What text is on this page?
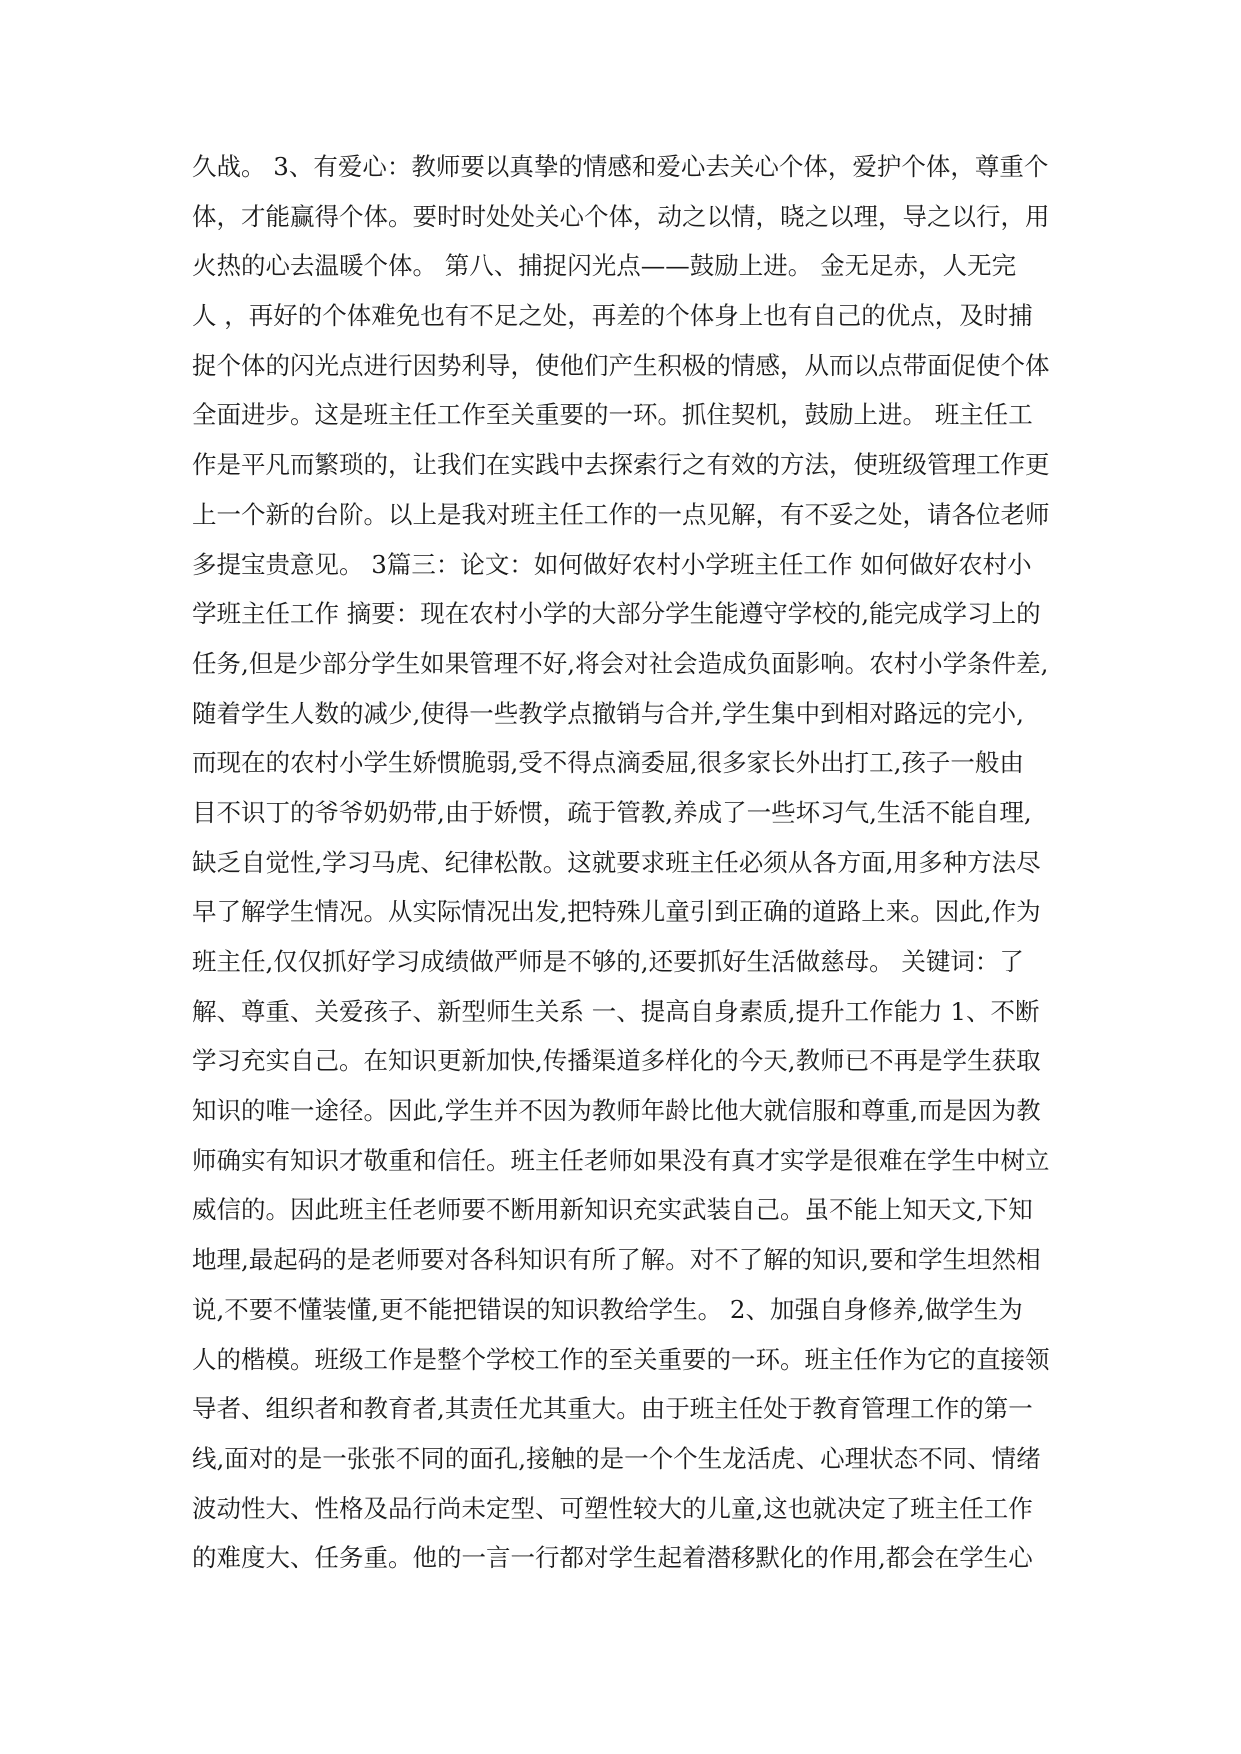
久战。 3、有爱心：教师要以真挚的情感和爱心去关心个体，爱护个体，尊重个
体，才能赢得个体。要时时处处关心个体，动之以情，晓之以理，导之以行，用
火热的心去温暖个体。 第八、捕捉闪光点——鼓励上进。 金无足赤，人无完
人 ，再好的个体难免也有不足之处，再差的个体身上也有自己的优点，及时捕
捉个体的闪光点进行因势利导，使他们产生积极的情感，从而以点带面促使个体
全面进步。这是班主任工作至关重要的一环。抓住契机，鼓励上进。 班主任工
作是平凡而繁琐的，让我们在实践中去探索行之有效的方法，使班级管理工作更
上一个新的台阶。以上是我对班主任工作的一点见解，有不妥之处，请各位老师
多提宝贵意见。 3篇三：论文：如何做好农村小学班主任工作 如何做好农村小
学班主任工作 摘要：现在农村小学的大部分学生能遵守学校的,能完成学习上的
任务,但是少部分学生如果管理不好,将会对社会造成负面影响。农村小学条件差,
随着学生人数的减少,使得一些教学点撤销与合并,学生集中到相对路远的完小,
而现在的农村小学生娇惯脆弱,受不得点滴委屈,很多家长外出打工,孩子一般由
目不识丁的爷爷奶奶带,由于娇惯，疏于管教,养成了一些坏习气,生活不能自理,
缺乏自觉性,学习马虎、纪律松散。这就要求班主任必须从各方面,用多种方法尽
早了解学生情况。从实际情况出发,把特殊儿童引到正确的道路上来。因此,作为
班主任,仅仅抓好学习成绩做严师是不够的,还要抓好生活做慈母。 关键词：了
解、尊重、关爱孩子、新型师生关系 一、提高自身素质,提升工作能力 1、不断
学习充实自己。在知识更新加快,传播渠道多样化的今天,教师已不再是学生获取
知识的唯一途径。因此,学生并不因为教师年龄比他大就信服和尊重,而是因为教
师确实有知识才敬重和信任。班主任老师如果没有真才实学是很难在学生中树立
威信的。因此班主任老师要不断用新知识充实武装自己。虽不能上知天文,下知
地理,最起码的是老师要对各科知识有所了解。对不了解的知识,要和学生坦然相
说,不要不懂装懂,更不能把错误的知识教给学生。 2、加强自身修养,做学生为
人的楷模。班级工作是整个学校工作的至关重要的一环。班主任作为它的直接领
导者、组织者和教育者,其责任尤其重大。由于班主任处于教育管理工作的第一
线,面对的是一张张不同的面孔,接触的是一个个生龙活虎、心理状态不同、情绪
波动性大、性格及品行尚未定型、可塑性较大的儿童,这也就决定了班主任工作
的难度大、任务重。他的一言一行都对学生起着潜移默化的作用,都会在学生心
